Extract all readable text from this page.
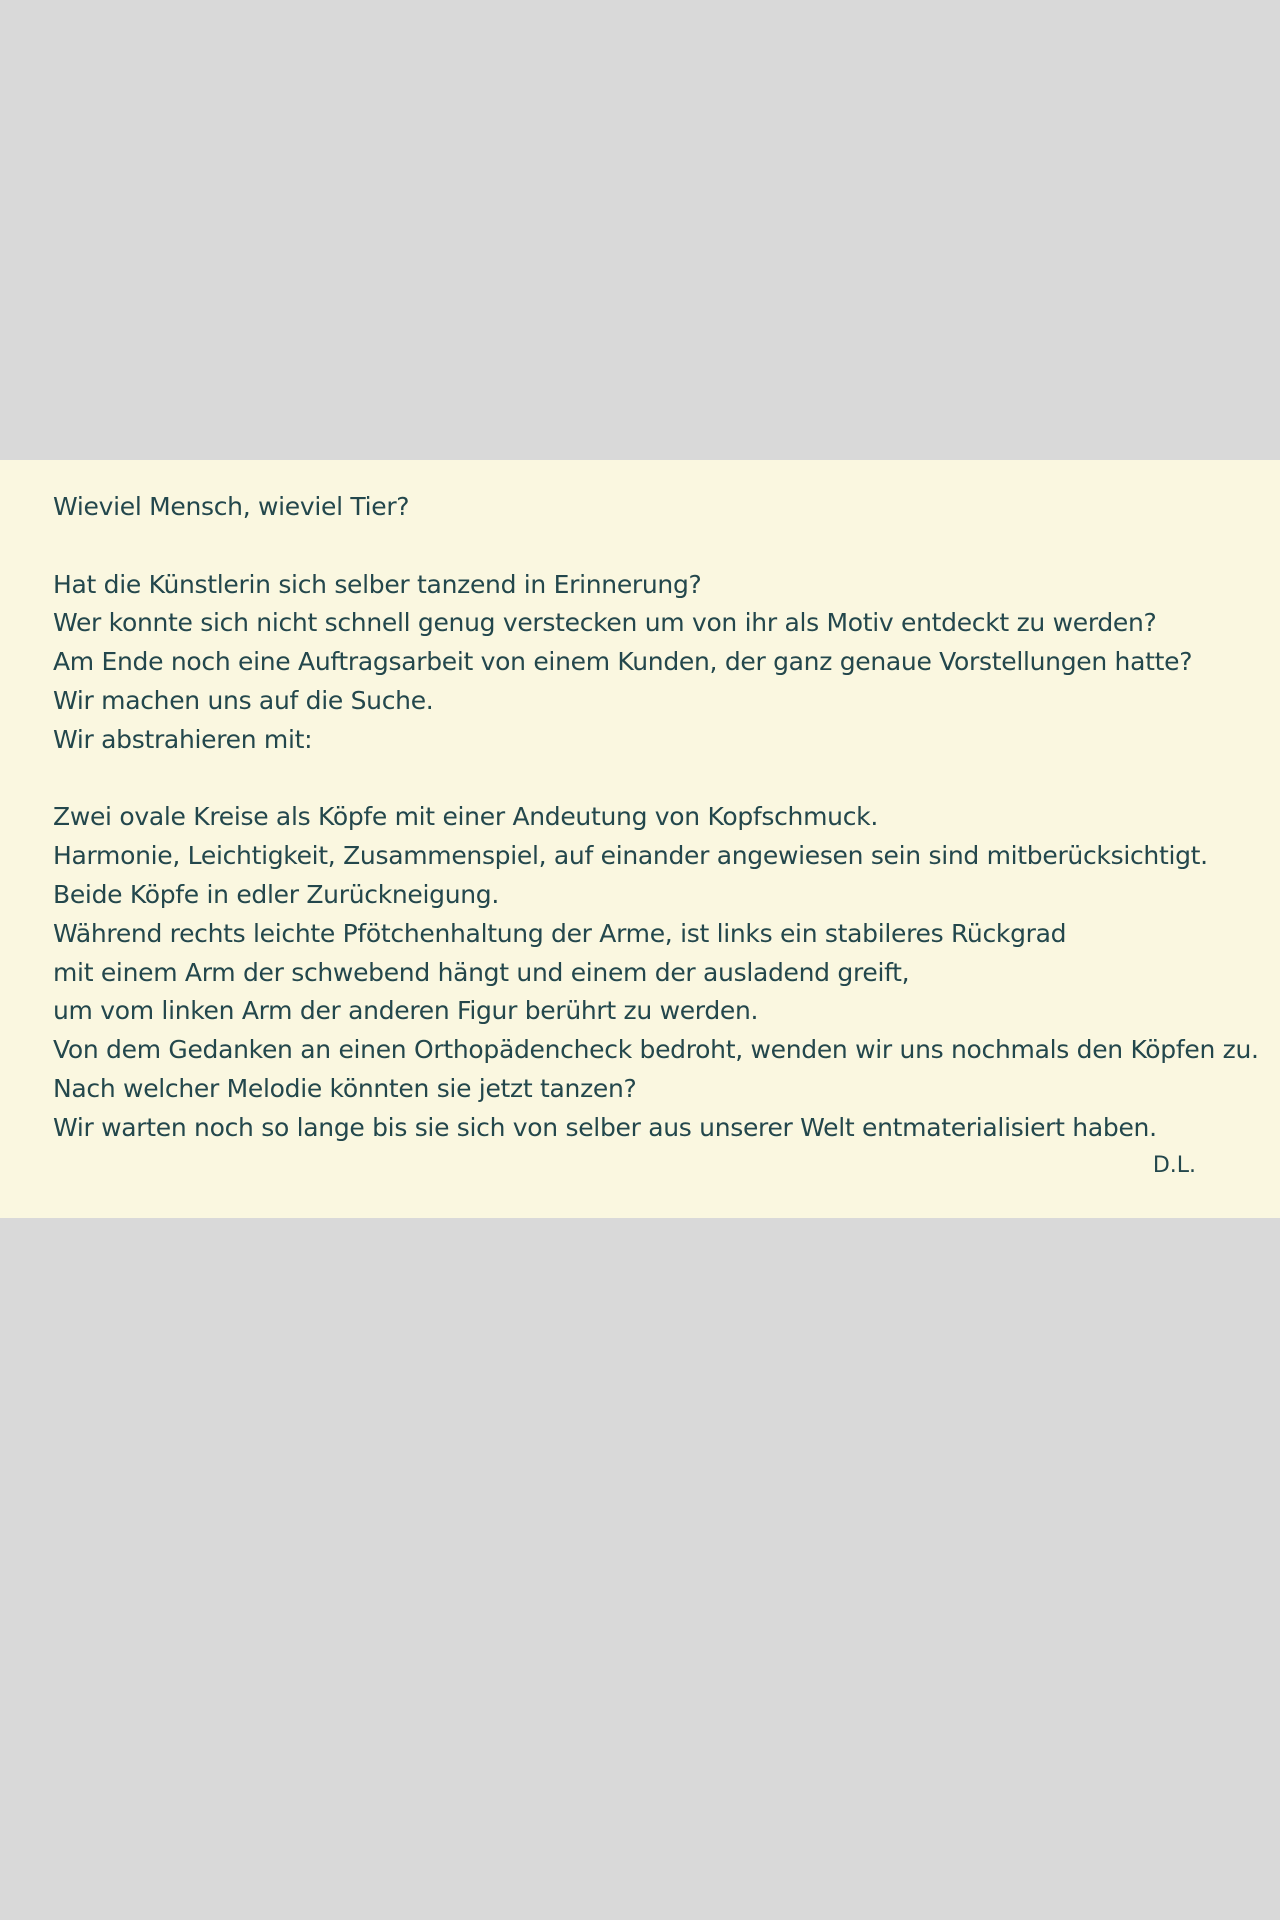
Wieviel Mensch, wieviel Tier?
Hat die Künstlerin sich selber tanzend in Erinnerung?
Wer konnte sich nicht schnell genug verstecken um von ihr als Motiv entdeckt zu werden?
Am Ende noch eine Auftragsarbeit von einem Kunden, der ganz genaue Vorstellungen hatte?
Wir machen uns auf die Suche.
Wir abstrahieren mit:
Zwei ovale Kreise als Köpfe mit einer Andeutung von Kopfschmuck.
Harmonie, Leichtigkeit, Zusammenspiel, auf einander angewiesen sein sind mitberücksichtigt.
Beide Köpfe in edler Zurückneigung.
Während rechts leichte Pfötchenhaltung der Arme, ist links ein stabileres Rückgrad
mit einem Arm der schwebend hängt und einem der ausladend greift,
um vom linken Arm der anderen Figur berührt zu werden.
Von dem Gedanken an einen Orthopädencheck bedroht, wenden wir uns nochmals den Köpfen zu.
Nach welcher Melodie könnten sie jetzt tanzen?
Wir warten noch so lange bis sie sich von selber aus unserer Welt entmaterialisiert haben.
D.L.
